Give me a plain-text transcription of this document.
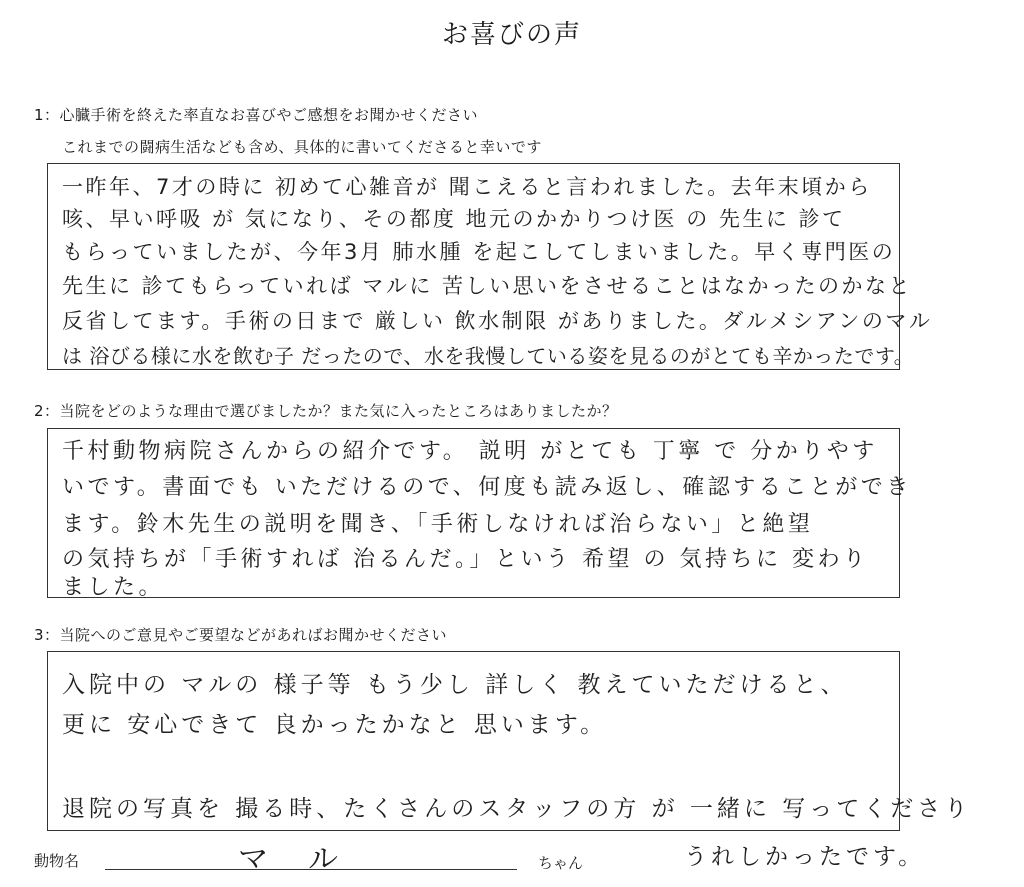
お喜びの声
1：心臓手術を終えた率直なお喜びやご感想をお聞かせください
これまでの闘病生活なども含め、具体的に書いてくださると幸いです
一昨年、7才の時に 初めて心雑音が 聞こえると言われました。去年末頃から
咳、早い呼吸 が 気になり、その都度 地元のかかりつけ医 の 先生に 診て
もらっていましたが、今年3月 肺水腫 を起こしてしまいました。早く専門医の
先生に 診てもらっていれば マルに 苦しい思いをさせることはなかったのかなと
反省してます。手術の日まで 厳しい 飲水制限 がありました。ダルメシアンのマル
は 浴びる様に水を飲む子 だったので、水を我慢している姿を見るのがとても辛かったです。
2：当院をどのような理由で選びましたか？また気に入ったところはありましたか？
千村動物病院さんからの紹介です。 説明 がとても 丁寧 で 分かりやす
いです。書面でも いただけるので、何度も読み返し、確認することができ
ます。鈴木先生の説明を聞き、「手術しなければ治らない」と絶望
の気持ちが「手術すれば 治るんだ。」という 希望 の 気持ちに 変わり
ました。
3：当院へのご意見やご要望などがあればお聞かせください
入院中の マルの 様子等 もう少し 詳しく 教えていただけると、
更に 安心できて 良かったかなと 思います。
退院の写真を 撮る時、たくさんのスタッフの方 が 一緒に 写ってくださり
うれしかったです。
動物名	マル	ちゃん
